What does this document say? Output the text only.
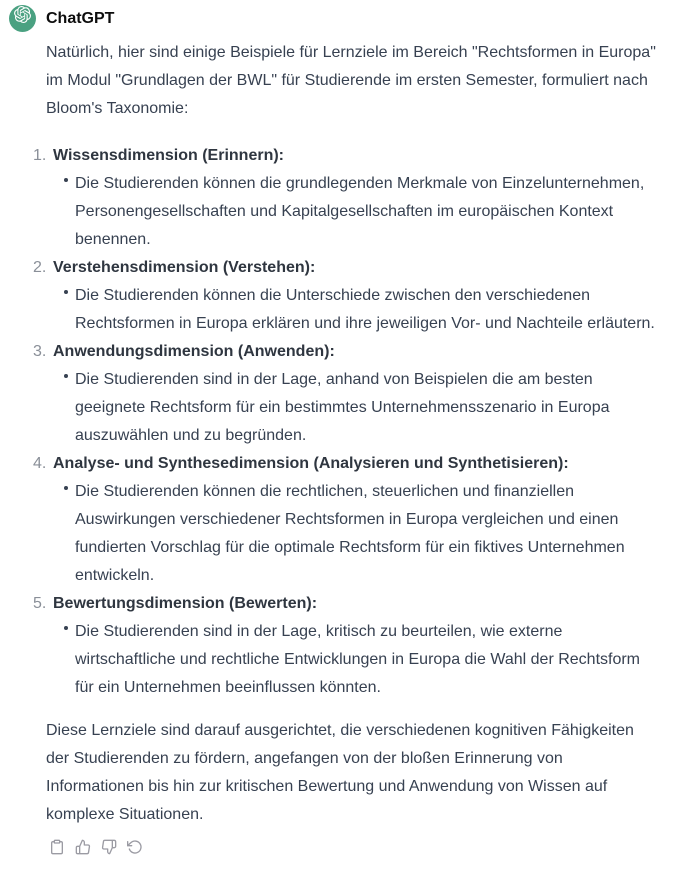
ChatGPT

Natürlich, hier sind einige Beispiele für Lernziele im Bereich "Rechtsformen in Europa" im Modul "Grundlagen der BWL" für Studierende im ersten Semester, formuliert nach Bloom's Taxonomie:

1. Wissensdimension (Erinnern):
Die Studierenden können die grundlegenden Merkmale von Einzelunternehmen, Personengesellschaften und Kapitalgesellschaften im europäischen Kontext benennen.
2. Verstehensdimension (Verstehen):
Die Studierenden können die Unterschiede zwischen den verschiedenen Rechtsformen in Europa erklären und ihre jeweiligen Vor- und Nachteile erläutern.
3. Anwendungsdimension (Anwenden):
Die Studierenden sind in der Lage, anhand von Beispielen die am besten geeignete Rechtsform für ein bestimmtes Unternehmensszenario in Europa auszuwählen und zu begründen.
4. Analyse- und Synthesedimension (Analysieren und Synthetisieren):
Die Studierenden können die rechtlichen, steuerlichen und finanziellen Auswirkungen verschiedener Rechtsformen in Europa vergleichen und einen fundierten Vorschlag für die optimale Rechtsform für ein fiktives Unternehmen entwickeln.
5. Bewertungsdimension (Bewerten):
Die Studierenden sind in der Lage, kritisch zu beurteilen, wie externe wirtschaftliche und rechtliche Entwicklungen in Europa die Wahl der Rechtsform für ein Unternehmen beeinflussen könnten.

Diese Lernziele sind darauf ausgerichtet, die verschiedenen kognitiven Fähigkeiten der Studierenden zu fördern, angefangen von der bloßen Erinnerung von Informationen bis hin zur kritischen Bewertung und Anwendung von Wissen auf komplexe Situationen.
